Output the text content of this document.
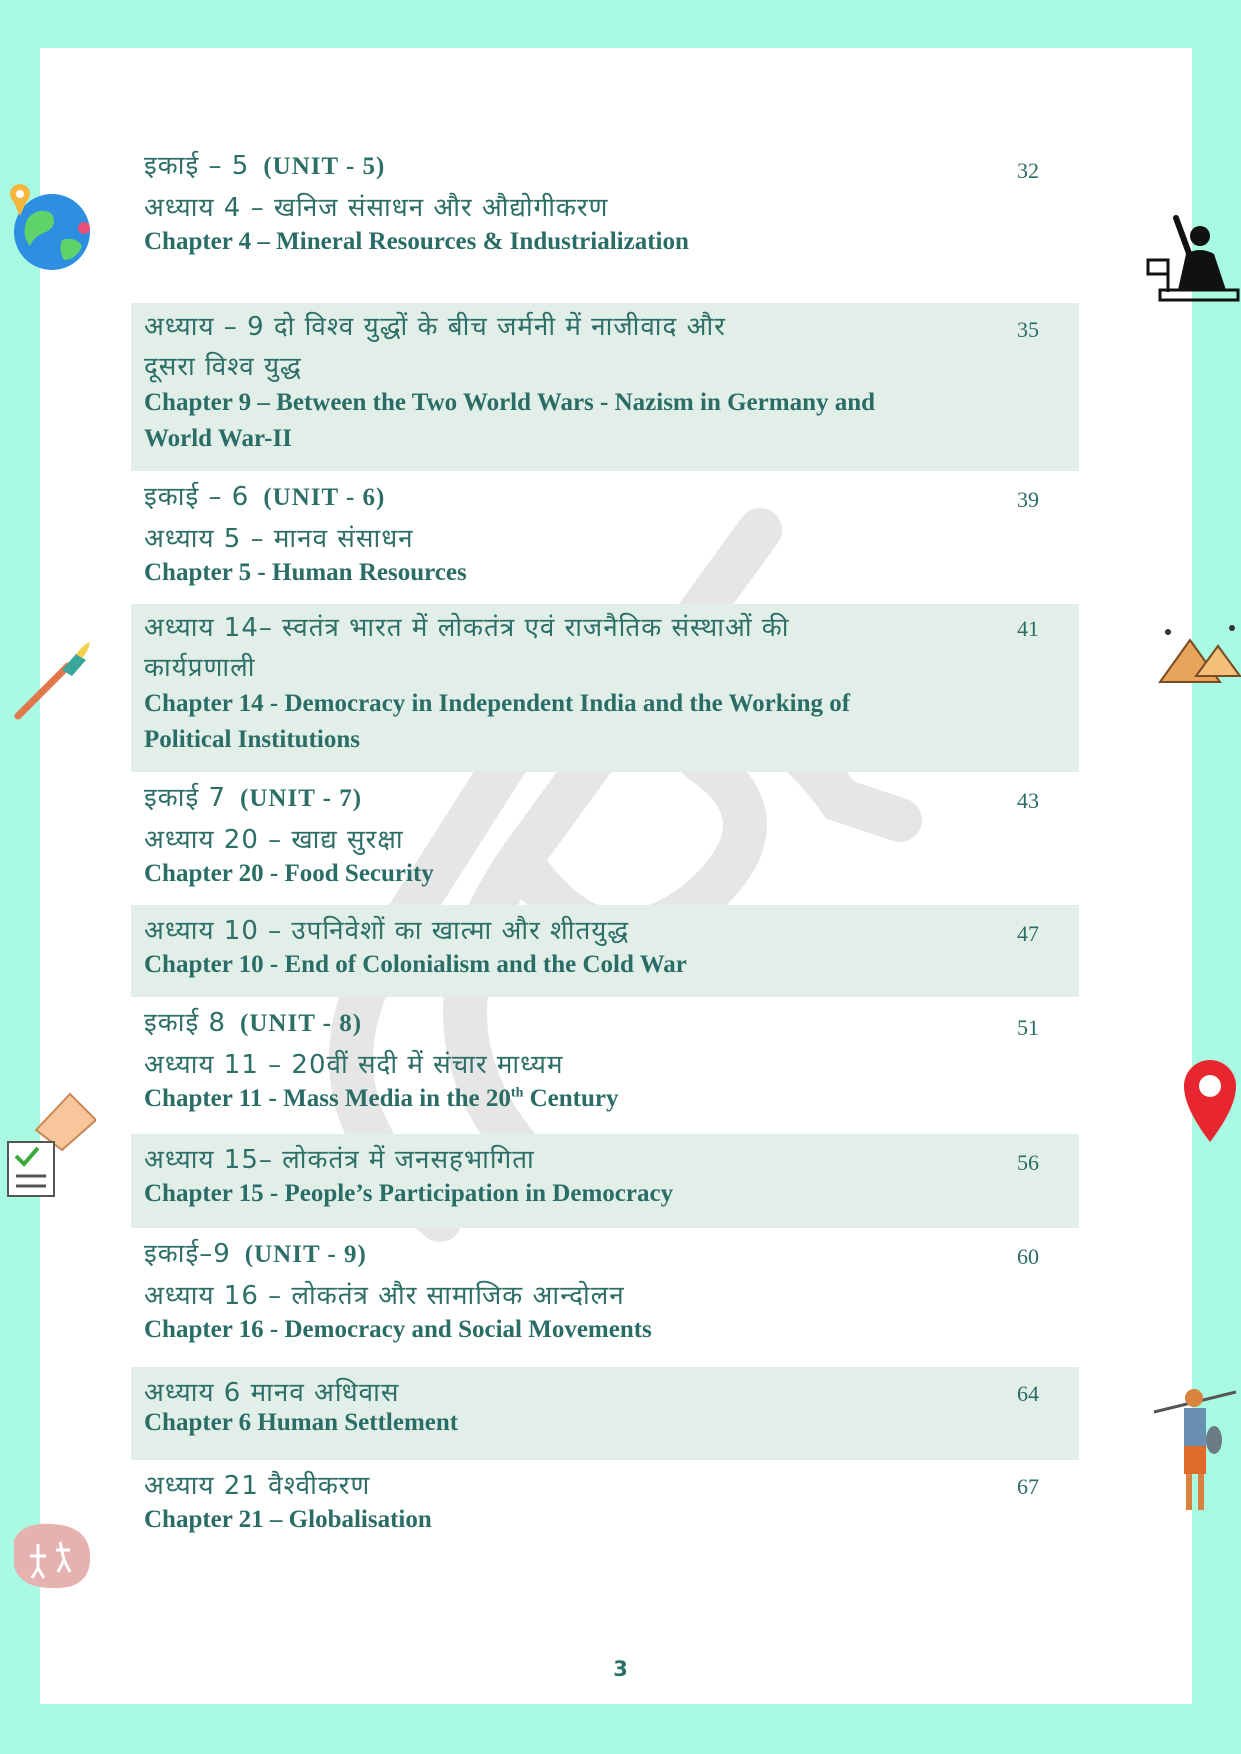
इकाई – 5 (UNIT - 5)
अध्याय 4 – खनिज संसाधन और औद्योगीकरण
Chapter 4 – Mineral Resources & Industrialization
32
अध्याय – 9 दो विश्व युद्धों के बीच जर्मनी में नाजीवाद और
दूसरा विश्व युद्ध
Chapter 9 – Between the Two World Wars - Nazism in Germany and
World War-II
35
इकाई – 6 (UNIT - 6)
अध्याय 5 – मानव संसाधन
Chapter 5 - Human Resources
39
अध्याय 14– स्वतंत्र भारत में लोकतंत्र एवं राजनैतिक संस्थाओं की
कार्यप्रणाली
Chapter 14 - Democracy in Independent India and the Working of
Political Institutions
41
इकाई 7 (UNIT - 7)
अध्याय 20 – खाद्य सुरक्षा
Chapter 20 - Food Security
43
अध्याय 10 – उपनिवेशों का खात्मा और शीतयुद्ध
Chapter 10 - End of Colonialism and the Cold War
47
इकाई 8 (UNIT - 8)
अध्याय 11 – 20वीं सदी में संचार माध्यम
Chapter 11 - Mass Media in the 20th Century
51
अध्याय 15– लोकतंत्र में जनसहभागिता
Chapter 15 - People’s Participation in Democracy
56
इकाई–9 (UNIT - 9)
अध्याय 16 – लोकतंत्र और सामाजिक आन्दोलन
Chapter 16 - Democracy and Social Movements
60
अध्याय 6 मानव अधिवास
Chapter 6 Human Settlement
64
अध्याय 21 वैश्वीकरण
Chapter 21 – Globalisation
67
3
